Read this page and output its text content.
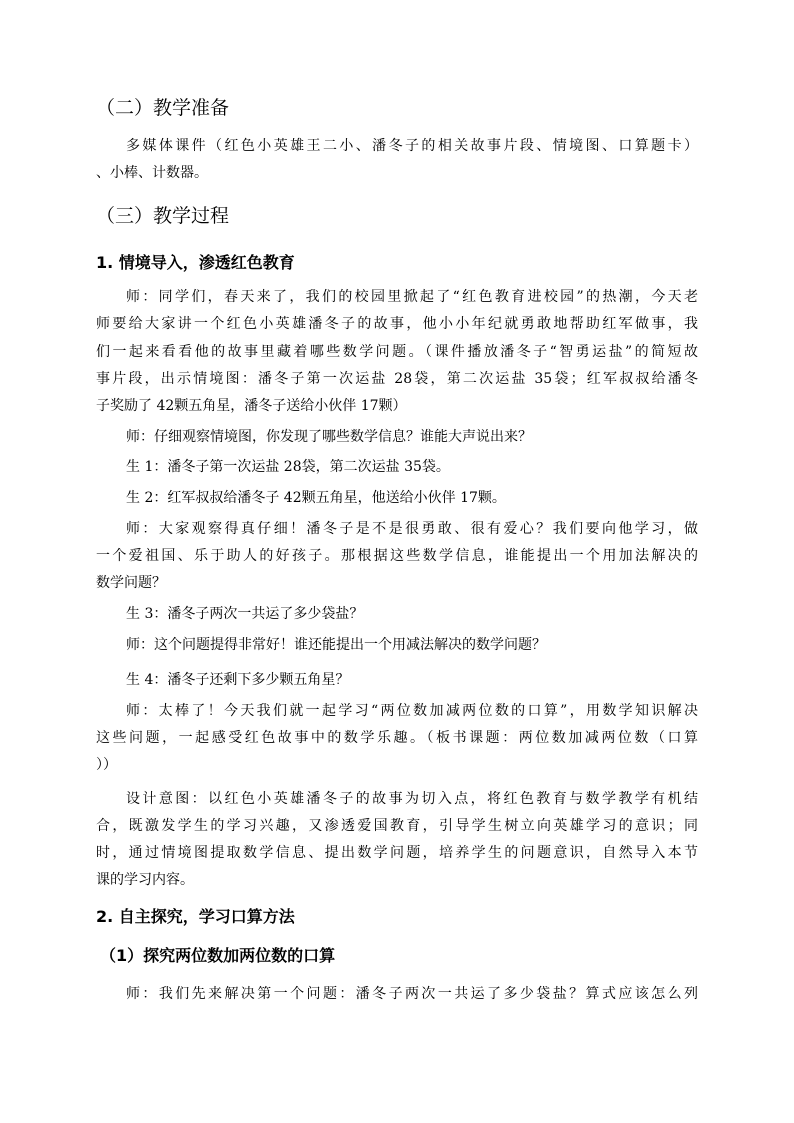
（二）教学准备
多媒体课件（红色小英雄王二小、潘冬子的相关故事片段、情境图、口算题卡）
、小棒、计数器。
（三）教学过程
1. 情境导入，渗透红色教育
师：同学们，春天来了，我们的校园里掀起了“红色教育进校园”的热潮，今天老
师要给大家讲一个红色小英雄潘冬子的故事，他小小年纪就勇敢地帮助红军做事，我
们一起来看看他的故事里藏着哪些数学问题。（课件播放潘冬子“智勇运盐”的简短故
事片段，出示情境图：潘冬子第一次运盐 28袋，第二次运盐 35袋；红军叔叔给潘冬
子奖励了 42颗五角星，潘冬子送给小伙伴 17颗）
师：仔细观察情境图，你发现了哪些数学信息？谁能大声说出来？
生 1：潘冬子第一次运盐 28袋，第二次运盐 35袋。
生 2：红军叔叔给潘冬子 42颗五角星，他送给小伙伴 17颗。
师：大家观察得真仔细！潘冬子是不是很勇敢、很有爱心？我们要向他学习，做
一个爱祖国、乐于助人的好孩子。那根据这些数学信息，谁能提出一个用加法解决的
数学问题？
生 3：潘冬子两次一共运了多少袋盐？
师：这个问题提得非常好！谁还能提出一个用减法解决的数学问题？
生 4：潘冬子还剩下多少颗五角星？
师：太棒了！今天我们就一起学习“两位数加减两位数的口算”，用数学知识解决
这些问题，一起感受红色故事中的数学乐趣。（板书课题：两位数加减两位数（口算
））
设计意图：以红色小英雄潘冬子的故事为切入点，将红色教育与数学教学有机结
合，既激发学生的学习兴趣，又渗透爱国教育，引导学生树立向英雄学习的意识；同
时，通过情境图提取数学信息、提出数学问题，培养学生的问题意识，自然导入本节
课的学习内容。
2. 自主探究，学习口算方法
（1）探究两位数加两位数的口算
师：我们先来解决第一个问题：潘冬子两次一共运了多少袋盐？算式应该怎么列
